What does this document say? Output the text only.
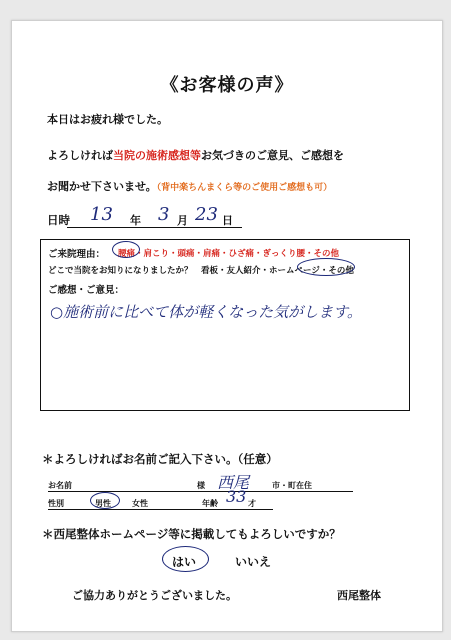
《お客様の声》
本日はお疲れ様でした。
よろしければ当院の施術感想等お気づきのご意見、ご感想を
お聞かせ下さいませ。（背中楽ちんまくら等のご使用ご感想も可）
日時 13 年 3 月 23 日
ご来院理由： 腰痛・肩こり・頭痛・肩痛・ひざ痛・ぎっくり腰・その他
どこで当院をお知りになりましたか？　看板・友人紹介・ホームページ・その他
ご感想・ご意見：
○施術前に比べて体が軽くなった気がします。
＊よろしければお名前ご記入下さい。（任意）
お名前	様 西尾	市・町在住
性別	男性	女性	年齢 33 才
＊西尾整体ホームページ等に掲載してもよろしいですか？
はい	いいえ
ご協力ありがとうございました。	西尾整体
